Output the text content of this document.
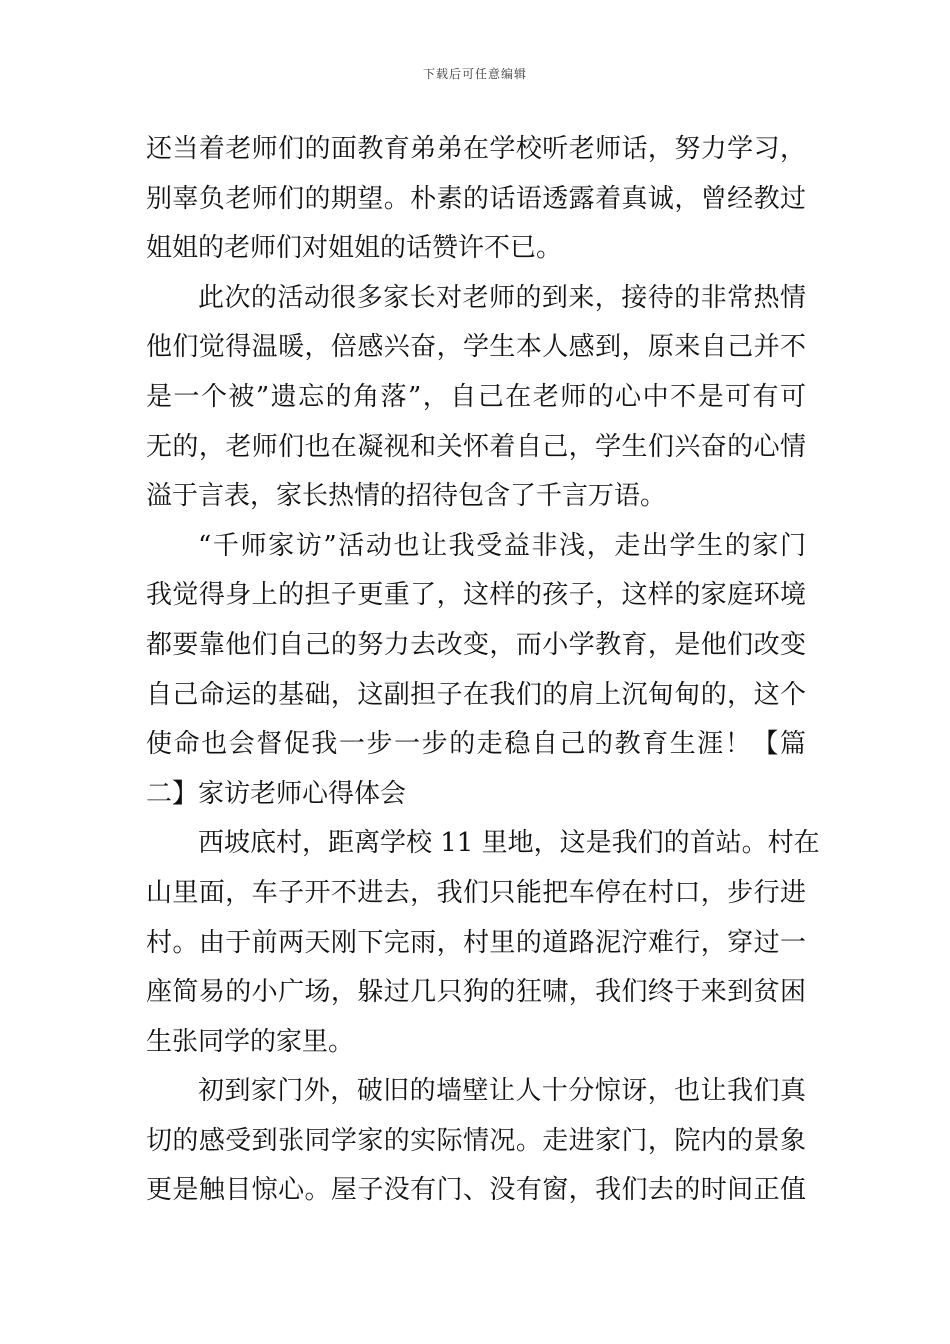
下载后可任意编辑
还当着老师们的面教育弟弟在学校听老师话，努力学习，
别辜负老师们的期望。朴素的话语透露着真诚，曾经教过
姐姐的老师们对姐姐的话赞许不已。
此次的活动很多家长对老师的到来，接待的非常热情
他们觉得温暖，倍感兴奋，学生本人感到，原来自己并不
是一个被”遗忘的角落”，自己在老师的心中不是可有可
无的，老师们也在凝视和关怀着自己，学生们兴奋的心情
溢于言表，家长热情的招待包含了千言万语。
“千师家访”活动也让我受益非浅，走出学生的家门
我觉得身上的担子更重了，这样的孩子，这样的家庭环境
都要靠他们自己的努力去改变，而小学教育，是他们改变
自己命运的基础，这副担子在我们的肩上沉甸甸的，这个
使命也会督促我一步一步的走稳自己的教育生涯！【篇
二】家访老师心得体会
西坡底村，距离学校 11 里地，这是我们的首站。村在
山里面，车子开不进去，我们只能把车停在村口，步行进
村。由于前两天刚下完雨，村里的道路泥泞难行，穿过一
座简易的小广场，躲过几只狗的狂啸，我们终于来到贫困
生张同学的家里。
初到家门外，破旧的墙壁让人十分惊讶，也让我们真
切的感受到张同学家的实际情况。走进家门，院内的景象
更是触目惊心。屋子没有门、没有窗，我们去的时间正值
